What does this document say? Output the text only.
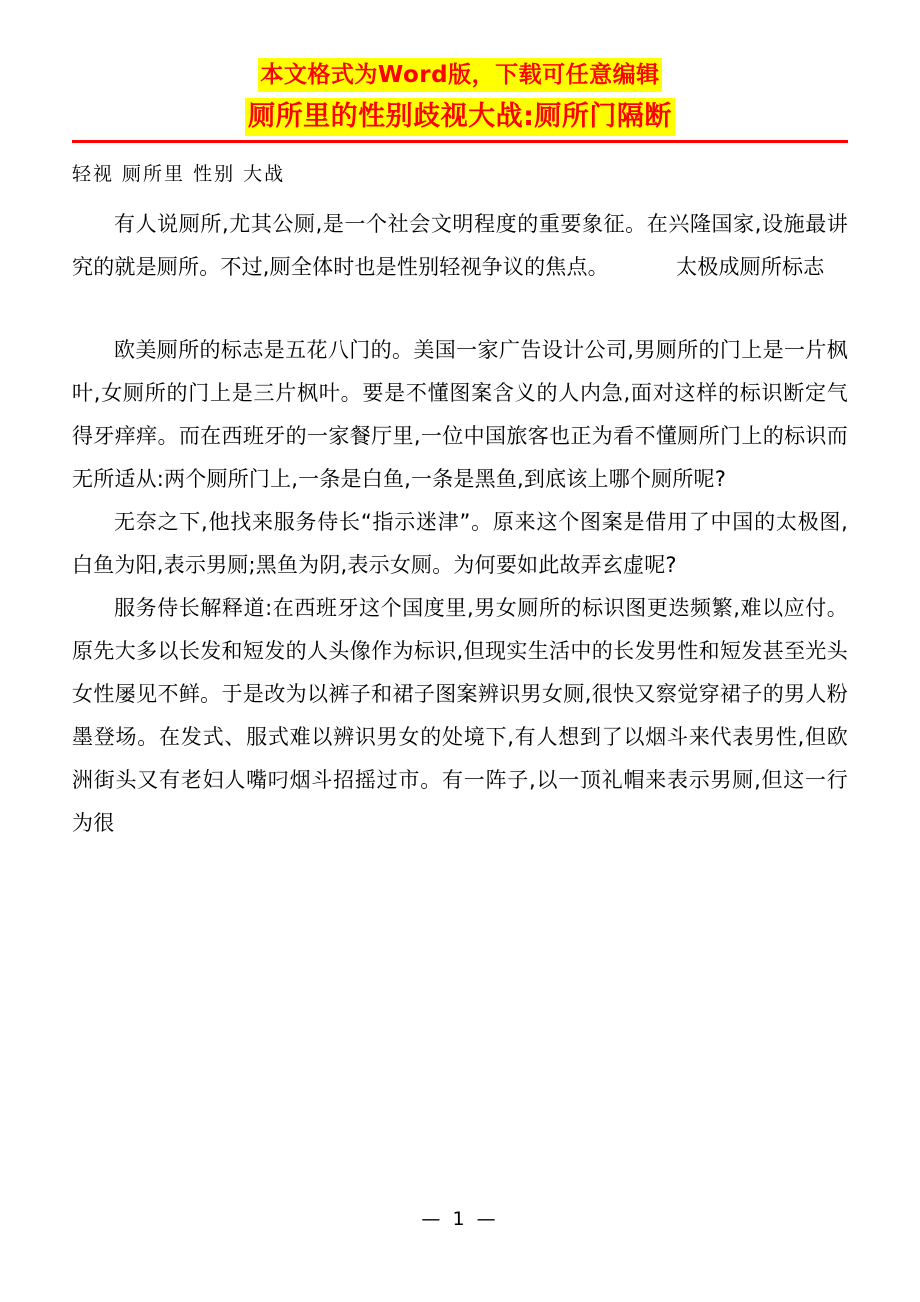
本文格式为Word版，下载可任意编辑
厕所里的性别歧视大战:厕所门隔断
轻视 厕所里 性别 大战

有人说厕所,尤其公厕,是一个社会文明程度的重要象征。在兴隆国家,设施最讲究的就是厕所。不过,厕全体时也是性别轻视争议的焦点。	太极成厕所标志

欧美厕所的标志是五花八门的。美国一家广告设计公司,男厕所的门上是一片枫叶,女厕所的门上是三片枫叶。要是不懂图案含义的人内急,面对这样的标识断定气得牙痒痒。而在西班牙的一家餐厅里,一位中国旅客也正为看不懂厕所门上的标识而无所适从:两个厕所门上,一条是白鱼,一条是黑鱼,到底该上哪个厕所呢?

无奈之下,他找来服务侍长“指示迷津”。原来这个图案是借用了中国的太极图,白鱼为阳,表示男厕;黑鱼为阴,表示女厕。为何要如此故弄玄虚呢?

服务侍长解释道:在西班牙这个国度里,男女厕所的标识图更迭频繁,难以应付。原先大多以长发和短发的人头像作为标识,但现实生活中的长发男性和短发甚至光头女性屡见不鲜。于是改为以裤子和裙子图案辨识男女厕,很快又察觉穿裙子的男人粉墨登场。在发式、服式难以辨识男女的处境下,有人想到了以烟斗来代表男性,但欧洲街头又有老妇人嘴叼烟斗招摇过市。有一阵子,以一顶礼帽来表示男厕,但这一行为很

— 1 —
